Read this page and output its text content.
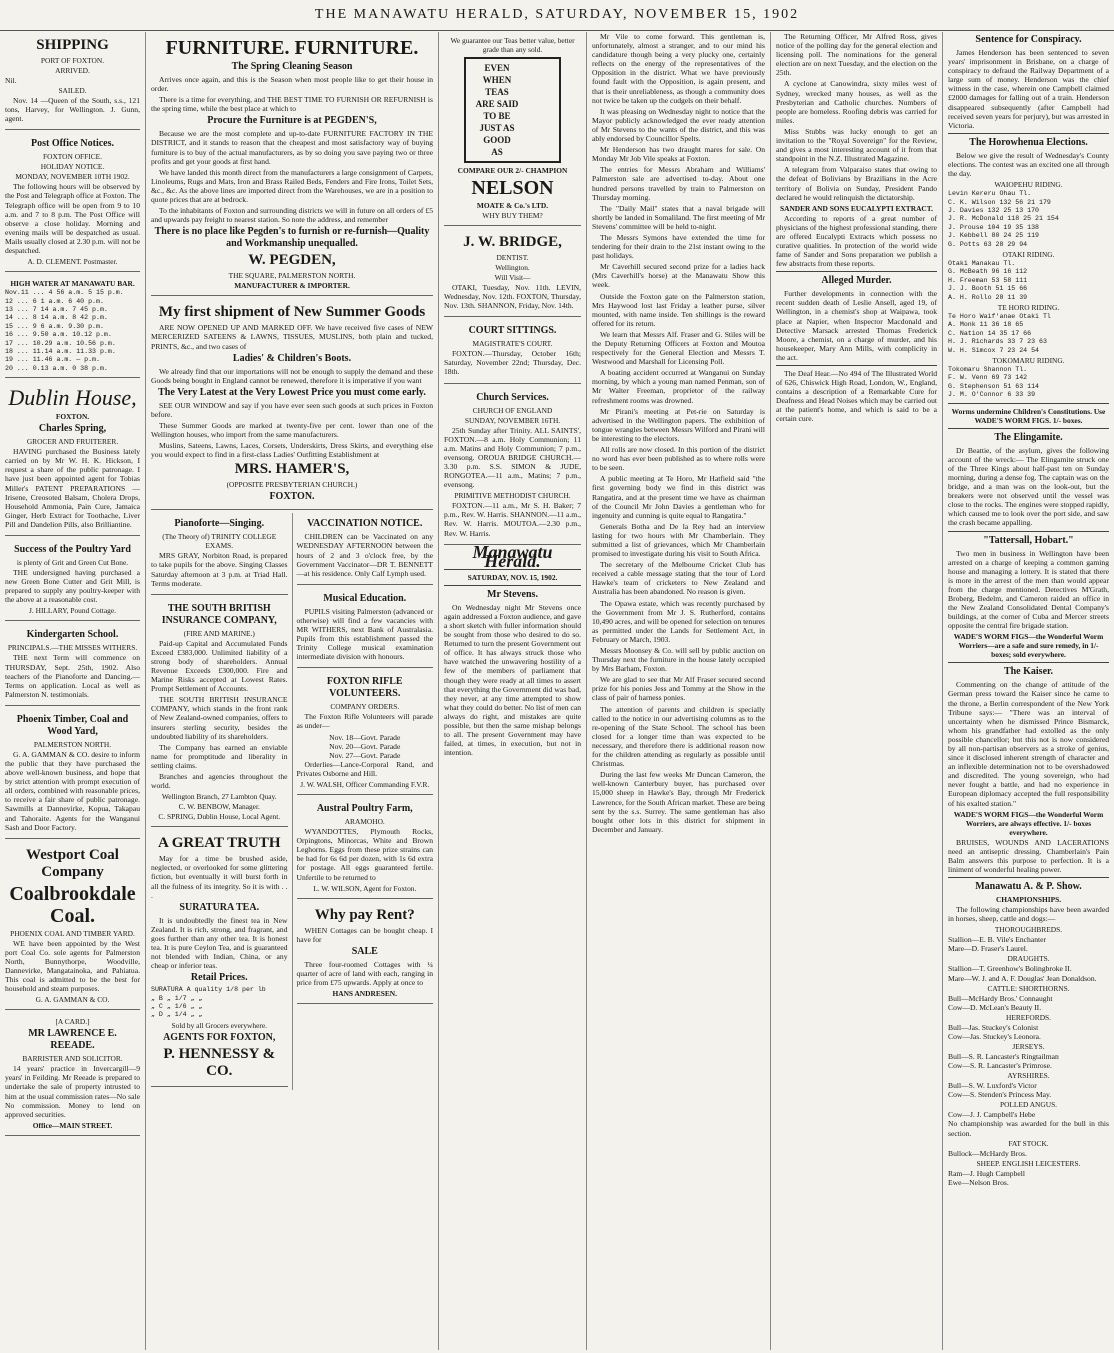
THE MANAWATU HERALD, SATURDAY, NOVEMBER 15, 1902
SHIPPING
PORT OF FOXTON.
ARRIVED.
Nil.
SAILED.
Nov. 14 —Queen of the South, s.s., 121 tons, Harvey, for Wellington. J. Gunn, agent.
Post Office Notices.
FOXTON OFFICE.
HOLIDAY NOTICE.
MONDAY, NOVEMBER 10TH 1902.
The following hours will be observed by the Post and Telegraph office at Foxton. The Telegraph office will be open from 9 to 10 a.m. and 7 to 8 p.m. The Post Office will observe a close holiday. Morning and evening mails will be despatched as usual. Mails usually closed at 2.30 p.m. will not be despatched.
A. D. CLEMENT. Postmaster.
HIGH WATER AT MANAWATU BAR.
Nov.11 ... 4 56 a.m. 5 15 p.m.
12 ... 6 1 a.m. 6 40 p.m.
13 ... 7 14 a.m. 7 45 p.m.
14 ... 8 14 a.m. 8 42 p.m.
15 ... 9 6 a.m. 9.30 p.m.
16 ... 9.50 a.m. 10.12 p.m.
17 ... 10.29 a.m. 10.56 p.m.
18 ... 11.14 a.m. 11.33 p.m.
19 ... 11.46 a.m. — p.m.
20 ... 0.13 a.m. 0 38 p.m.
Dublin House,
FOXTON.
Charles Spring,
GROCER AND FRUITERER.
HAVING purchased the Business lately carried on by Mr W. H. K. Hickson, I request a share of the public patronage. I have just been appointed agent for Tobias Miller's PATENT PREPARATIONS — Irisene, Creosoted Balsam, Cholera Drops, Household Ammonia, Pain Cure, Jamaica Ginger, Herb Extract for Toothache, Liver Pill and Dandelion Pills, also Brilliantine.
Success of the Poultry Yard
is plenty of Grit and Green Cut Bone.
THE undersigned having purchased a new Green Bone Cutter and Grit Mill, is prepared to supply any poultry-keeper with the above at a reasonable cost.
J. HILLARY, Pound Cottage.
Kindergarten School.
PRINCIPALS.—THE MISSES WITHERS.
THE next Term will commence on THURSDAY, Sept. 25th, 1902. Also teachers of the Pianoforte and Dancing.—Terms on application. Local as well as Palmerston N. testimonials.
Phoenix Timber, Coal and Wood Yard,
PALMERSTON NORTH.
G. A. GAMMAN & CO. desire to inform the public that they have purchased the above well-known business, and hope that by strict attention with prompt execution of all orders, combined with reasonable prices, to receive a fair share of public patronage. Sawmills at Dannevirke, Kopua, Takapau and Tahoraite. Agents for the Wanganui Sash and Door Factory.
Westport Coal Company
Coalbrookdale Coal.
PHOENIX COAL AND TIMBER YARD.
WE have been appointed by the West port Coal Co. sole agents for Palmerston North, Bunnythorpe, Woodville, Dannevirke, Mangatainoka, and Pahiatua. This coal is admitted to be the best for household and steam purposes.
G. A. GAMMAN & CO.
[A CARD.]
MR LAWRENCE E. REEADE.
BARRISTER AND SOLICITOR.
14 years' practice in Invercargill—9 years' in Feilding. Mr Reeade is prepared to undertake the sale of property intrusted to him at the usual commission rates—No sale No commission. Money to lend on approved securities.
Office—MAIN STREET.
FURNITURE. FURNITURE.
The Spring Cleaning Season
Arrives once again, and this is the Season when most people like to get their house in order.
There is a time for everything, and THE BEST TIME TO FURNISH OR REFURNISH is the spring time, while the best place at which to
Procure the Furniture is at PEGDEN'S,
Because we are the most complete and up-to-date FURNITURE FACTORY IN THE DISTRICT, and it stands to reason that the cheapest and most satisfactory way of buying furniture is to buy of the actual manufacturers, as by so doing you save paying two or three profits and get your goods at first hand.
We have landed this month direct from the manufacturers a large consignment of Carpets, Linoleums, Rugs and Mats, Iron and Brass Railed Beds, Fenders and Fire Irons, Toilet Sets, &c., &c. As the above lines are imported direct from the Warehouses, we are in a position to quote prices that are at bedrock.
To the inhabitants of Foxton and surrounding districts we will in future on all orders of £5 and upwards pay freight to nearest station. So note the address, and remember
There is no place like Pegden's to furnish or re-furnish—Quality and Workmanship unequalled.
W. PEGDEN,
THE SQUARE, PALMERSTON NORTH.
MANUFACTURER & IMPORTER.
My first shipment of New Summer Goods
ARE NOW OPENED UP AND MARKED OFF. We have received five cases of NEW MERCERIZED SATEENS & LAWNS, TISSUES, MUSLINS, both plain and tucked, PRINTS, &c., and two cases of
Ladies' & Children's Boots.
We already find that our importations will not be enough to supply the demand and these Goods being bought in England cannot be renewed, therefore it is imperative if you want
The Very Latest at the Very Lowest Price you must come early.
SEE OUR WINDOW and say if you have ever seen such goods at such prices in Foxton before.
These Summer Goods are marked at twenty-five per cent. lower than one of the Wellington houses, who import from the same manufacturers.
Muslins, Sateens, Lawns, Laces, Corsets, Underskirts, Dress Skirts, and everything else you would expect to find in a first-class Ladies' Outfitting Establishment at
MRS. HAMER'S,
(OPPOSITE PRESBYTERIAN CHURCH.)
FOXTON.
Pianoforte—Singing.
(The Theory of) TRINITY COLLEGE EXAMS.
MRS GRAY, Norbiton Road, is prepared to take pupils for the above. Singing Classes Saturday afternoon at 3 p.m. at Triad Hall. Terms moderate.
THE SOUTH BRITISH INSURANCE COMPANY,
(FIRE AND MARINE.)
Paid-up Capital and Accumulated Funds Exceed £383,000. Unlimited liability of a strong body of shareholders. Annual Revenue Exceeds £300,000. Fire and Marine Risks accepted at Lowest Rates. Prompt Settlement of Accounts.
THE SOUTH BRITISH INSURANCE COMPANY, which stands in the front rank of New Zealand-owned companies, offers to insurers sterling security, besides the undoubted liability of its shareholders.
The Company has earned an enviable name for promptitude and liberality in settling claims.
Branches and agencies throughout the world.
Wellington Branch, 27 Lambton Quay.
C. W. BENBOW, Manager.
C. SPRING, Dublin House, Local Agent.
A GREAT TRUTH
May for a time be brushed aside, neglected, or overlooked for some glittering fiction, but eventually it will burst forth in all the fulness of its integrity. So it is with . . .
SURATURA TEA.
It is undoubtedly the finest tea in New Zealand. It is rich, strong, and fragrant, and goes further than any other tea. It is honest tea. It is pure Ceylon Tea, and is guaranteed not blended with Indian, China, or any cheap or inferior teas.
Retail Prices.
SURATURA A quality 1/8 per lb
„ B „ 1/7 „ „
„ C „ 1/6 „ „
„ D „ 1/4 „ „
Sold by all Grocers everywhere.
AGENTS FOR FOXTON,
P. HENNESSY & CO.
VACCINATION NOTICE.
CHILDREN can be Vaccinated on any WEDNESDAY AFTERNOON between the hours of 2 and 3 o'clock free, by the Government Vaccinator—DR T. BENNETT—at his residence. Only Calf Lymph used.
Musical Education.
PUPILS visiting Palmerston (advanced or otherwise) will find a few vacancies with MR WITHERS, next Bank of Australasia. Pupils from this establishment passed the Trinity College musical examination intermediate division with honours.
FOXTON RIFLE VOLUNTEERS.
COMPANY ORDERS.
The Foxton Rifle Volunteers will parade as under—
Nov. 18—Govt. Parade
Nov. 20—Govt. Parade
Nov. 27—Govt. Parade
Orderlies—Lance-Corporal Rand, and Privates Osborne and Hill.
J. W. WALSH, Officer Commanding F.V.R.
Austral Poultry Farm,
ARAMOHO.
WYANDOTTES, Plymouth Rocks, Orpingtons, Minorcas, White and Brown Leghorns. Eggs from these prize strains can be had for 6s 6d per dozen, with 1s 6d extra for postage. All eggs guaranteed fertile. Unfertile to be returned to
L. W. WILSON, Agent for Foxton.
Why pay Rent?
WHEN Cottages can be bought cheap. I have for
SALE
Three four-roomed Cottages with ¼ quarter of acre of land with each, ranging in price from £75 upwards. Apply at once to
HANS ANDRESEN.
We guarantee our Teas better value, better grade than any sold.
EVEN
WHEN
TEAS
ARE SAID
TO BE
JUST AS GOOD
AS
COMPARE OUR 2/- CHAMPION
NELSON
MOATE & Co.'s LTD.
WHY BUY THEM?
J. W. BRIDGE,
DENTIST.
Wellington.
Will Visit—
OTAKI, Tuesday, Nov. 11th. LEVIN, Wednesday, Nov. 12th. FOXTON, Thursday, Nov. 13th. SHANNON, Friday, Nov. 14th.
COURT SITTINGS.
MAGISTRATE'S COURT.
FOXTON.—Thursday, October 16th; Saturday, November 22nd; Thursday, Dec. 18th.
Church Services.
CHURCH OF ENGLAND
SUNDAY, NOVEMBER 16TH.
25th Sunday after Trinity. ALL SAINTS', FOXTON.—8 a.m. Holy Communion; 11 a.m. Matins and Holy Communion; 7 p.m., evensong. OROUA BRIDGE CHURCH.—3.30 p.m. S.S. SIMON & JUDE, RONGOTEA.—11 a.m., Matins; 7 p.m., evensong.
PRIMITIVE METHODIST CHURCH.
FOXTON.—11 a.m., Mr S. H. Baker; 7 p.m., Rev. W. Harris. SHANNON.—11 a.m., Rev. W. Harris. MOUTOA.—2.30 p.m., Rev. W. Harris.
Manawatu Herald.
SATURDAY, NOV. 15, 1902.
Mr Stevens.
On Wednesday night Mr Stevens once again addressed a Foxton audience, and gave a short sketch with fuller information should be sought from those who desired to do so. Returned to turn the present Government out of office. It has always struck those who have watched the unwavering hostility of a few of the members of parliament that though they were ready at all times to assert that everything the Government did was bad, they never, at any time attempted to show what they could do better. No list of men can always do right, and mistakes are quite possible, but then the same mishap belongs to all. The present Government may have failed, at times, in execution, but not in intention.
Mr Vile to come forward. This gentleman is, unfortunately, almost a stranger, and to our mind his candidature though being a very plucky one, certainly reflects on the energy of the representatives of the Opposition in the district. What we have previously found fault with the Opposition, is again present, and that is their unreliableness, as though a community does not twice be taken up the cudgels on their behalf.
It was pleasing on Wednesday night to notice that the Mayor publicly acknowledged the ever ready attention of Mr Stevens to the wants of the district, and this was ably endorsed by Councillor Spelts.
Mr Henderson has two draught mares for sale. On Monday Mr Job Vile speaks at Foxton.
The entries for Messrs Abraham and Williams' Palmerston sale are advertised to-day. About one hundred persons travelled by train to Palmerston on Thursday morning.
The "Daily Mail" states that a naval brigade will shortly be landed in Somaliland. The first meeting of Mr Stevens' committee will be held to-night.
The Messrs Symons have extended the time for tendering for their drain to the 21st instant owing to the past holidays.
Mr Caverhill secured second prize for a ladies hack (Mrs Caverhill's horse) at the Manawatu Show this week.
Outside the Foxton gate on the Palmerston station, Mrs Haywood lost last Friday a leather purse, silver mounted, with name inside. Ten shillings is the reward offered for its return.
We learn that Messrs Alf. Fraser and G. Stiles will be the Deputy Returning Officers at Foxton and Moutoa respectively for the General Election and Messrs T. Westwood and Marshall for Licensing Poll.
A boating accident occurred at Wanganui on Sunday morning, by which a young man named Penman, son of Mr Walter Freeman, proprietor of the railway refreshment rooms was drowned.
Mr Pirani's meeting at Pet-rie on Saturday is advertised in the Wellington papers. The exhibition of tongue wrangles between Messrs Wilford and Pirani will be interesting to the electors.
All rolls are now closed. In this portion of the district no word has ever been published as to where rolls were to be seen.
A public meeting at Te Horo, Mr Hatfield said "the first governing body we find in this district was Rangatira, and at the present time we have as chairman of the Council Mr John Davies a gentleman who for ingenuity and cunning is quite equal to Rangatira."
Generals Botha and De la Rey had an interview lasting for two hours with Mr Chamberlain. They submitted a list of grievances, which Mr Chamberlain promised to investigate during his visit to South Africa.
The secretary of the Melbourne Cricket Club has received a cable message stating that the tour of Lord Hawke's team of cricketers to New Zealand and Australia has been abandoned. No reason is given.
The Opawa estate, which was recently purchased by the Government from Mr J. S. Rutherford, contains 10,490 acres, and will be opened for selection on tenures as permitted under the Lands for Settlement Act, in February or March, 1903.
Messrs Moonsey & Co. will sell by public auction on Thursday next the furniture in the house lately occupied by Mrs Barham, Foxton.
We are glad to see that Mr Alf Fraser secured second prize for his ponies Jess and Tommy at the Show in the class of pair of harness ponies.
The attention of parents and children is specially called to the notice in our advertising columns as to the re-opening of the State School. The school has been closed for a longer time than was expected to be necessary, and therefore there is additional reason now for the children attending as regularly as possible until Christmas.
During the last few weeks Mr Duncan Cameron, the well-known Canterbury buyer, has purchased over 15,000 sheep in Hawke's Bay, through Mr Frederick Lawrence, for the South African market. These are being sent by the s.s. Surrey. The same gentleman has also bought other lots in this district for shipment in December and January.
The Returning Officer, Mr Alfred Ross, gives notice of the polling day for the general election and licensing poll. The nominations for the general election are on next Tuesday, and the election on the 25th.
A cyclone at Canowindra, sixty miles west of Sydney, wrecked many houses, as well as the Presbyterian and Catholic churches. Numbers of people are homeless. Roofing debris was carried for miles.
Miss Stubbs was lucky enough to get an invitation to the "Royal Sovereign" for the Review, and gives a most interesting account of it from that standpoint in the N.Z. Illustrated Magazine.
A telegram from Valparaiso states that owing to the defeat of Bolivians by Brazilians in the Acre territory of Bolivia on Sunday, President Pando declared he would relinquish the dictatorship.
SANDER AND SONS EUCALYPTI EXTRACT.
According to reports of a great number of physicians of the highest professional standing, there are offered Eucalypti Extracts which possess no curative qualities. In protection of the world wide fame of Sander and Sons preparation we publish a few abstracts from these reports.
Alleged Murder.
Further developments in connection with the recent sudden death of Leslie Ansell, aged 19, of Wellington, in a chemist's shop at Waipawa, took place at Napier, when Inspector Macdonald and Detective Marsack arrested Thomas Frederick Moore, a chemist, on a charge of murder, and his housekeeper, Mary Ann Mills, with complicity in the act.
The Deaf Hear.—No 494 of The Illustrated World of 626, Chiswick High Road, London, W., England, contains a description of a Remarkable Cure for Deafness and Head Noises which may be carried out at the patient's home, and which is said to be a certain cure.
Sentence for Conspiracy.
James Henderson has been sentenced to seven years' imprisonment in Brisbane, on a charge of conspiracy to defraud the Railway Department of a large sum of money. Henderson was the chief witness in the case, wherein one Campbell claimed £2000 damages for falling out of a train. Henderson disappeared subsequently (after Campbell had received seven years for perjury), but was arrested in Victoria.
The Horowhenua Elections.
Below we give the result of Wednesday's County elections. The contest was an excited one all through the day.
WAIOPEHU RIDING.
Levin Kereru Ohau Tl.
C. K. Wilson 132 56 21 179
J. Davies 132 25 13 170
J. R. McDonald 118 25 21 154
J. Prouse 104 19 35 138
J. Kebbell 80 24 25 119
G. Potts 63 28 29 94
OTAKI RIDING.
Otaki Manakau Tl.
G. McBeath 96 16 112
H. Freeman 53 58 111
J. J. Booth 51 15 66
A. H. Rollo 28 11 39
TE HORO RIDING.
Te Horo Waif'anae Otaki Tl
A. Monk 11 36 18 65
C. Nation 14 35 17 66
H. J. Richards 33 7 23 63
W. H. Simcox 7 23 24 54
TOKOMARU RIDING.
Tokomaru Shannon Tl.
F. W. Venn 69 73 142
G. Stephenson 51 63 114
J. M. O'Connor 6 33 39
Worms undermine Children's Constitutions. Use WADE'S WORM FIGS. 1/- boxes.
The Elingamite.
Dr Beattie, of the asylum, gives the following account of the wreck:— The Elingamite struck one of the Three Kings about half-past ten on Sunday morning, during a dense fog. The captain was on the bridge, and a man was on the look-out, but the breakers were not observed until the vessel was close to the rocks. The engines were stopped rapidly, which caused me to look over the port side, and saw the crash became appalling.
"Tattersall, Hobart."
Two men in business in Wellington have been arrested on a charge of keeping a common gaming house and managing a lottery. It is stated that there is more in the arrest of the men than would appear from the charge mentioned. Detectives M'Grath, Broberg, Bedelm, and Cameron raided an office in the New Zealand Consolidated Dental Company's buildings, at the corner of Cuba and Mercer streets opposite the central fire brigade station.
WADE'S WORM FIGS—the Wonderful Worm Worriers—are a safe and sure remedy, in 1/- boxes; sold everywhere.
The Kaiser.
Commenting on the change of attitude of the German press toward the Kaiser since he came to the throne, a Berlin correspondent of the New York Tribune says:— "There was an interval of uncertainty when he dismissed Prince Bismarck, whom his grandfather had extolled as the only possible chancellor; but this not is now considered by all non-partisan observers as a stroke of genius, since it disclosed inherent strength of character and an inflexible determination not to be overshadowed and discredited. The young sovereign, who had never fought a battle, and had no experience in European diplomacy accepted the full responsibility of his exalted station."
WADE'S WORM FIGS—the Wonderful Worm Worriers, are always effective. 1/- boxes everywhere.
BRUISES, WOUNDS AND LACERATIONS need an antiseptic dressing. Chamberlain's Pain Balm answers this purpose to perfection. It is a liniment of wonderful healing power.
Manawatu A. & P. Show.
CHAMPIONSHIPS.
The following championships have been awarded in horses, sheep, cattle and dogs:—
THOROUGHBREDS.
Stallion—E. B. Vile's Enchanter
Mare—D. Fraser's Laurel.
DRAUGHTS.
Stallion—T. Greenhow's Bolingbroke II.
Mare—W. J. and A. F. Douglas' Jean Donaldson.
CATTLE: SHORTHORNS.
Bull—McHardy Bros.' Connaught
Cow—D. McLean's Beauty II.
HEREFORDS.
Bull—Jas. Stuckey's Colonist
Cow—Jas. Stuckey's Leonora.
JERSEYS.
Bull—S. R. Lancaster's Ringtailman
Cow—S. R. Lancaster's Primrose.
AYRSHIRES.
Bull—S. W. Luxford's Victor
Cow—S. Stenden's Princess May.
POLLED ANGUS.
Cow—J. J. Campbell's Hebe
No championship was awarded for the bull in this section.
FAT STOCK.
Bullock—McHardy Bros.
SHEEP. ENGLISH LEICESTERS.
Ram—J. Hugh Campbell
Ewe—Nelson Bros.
